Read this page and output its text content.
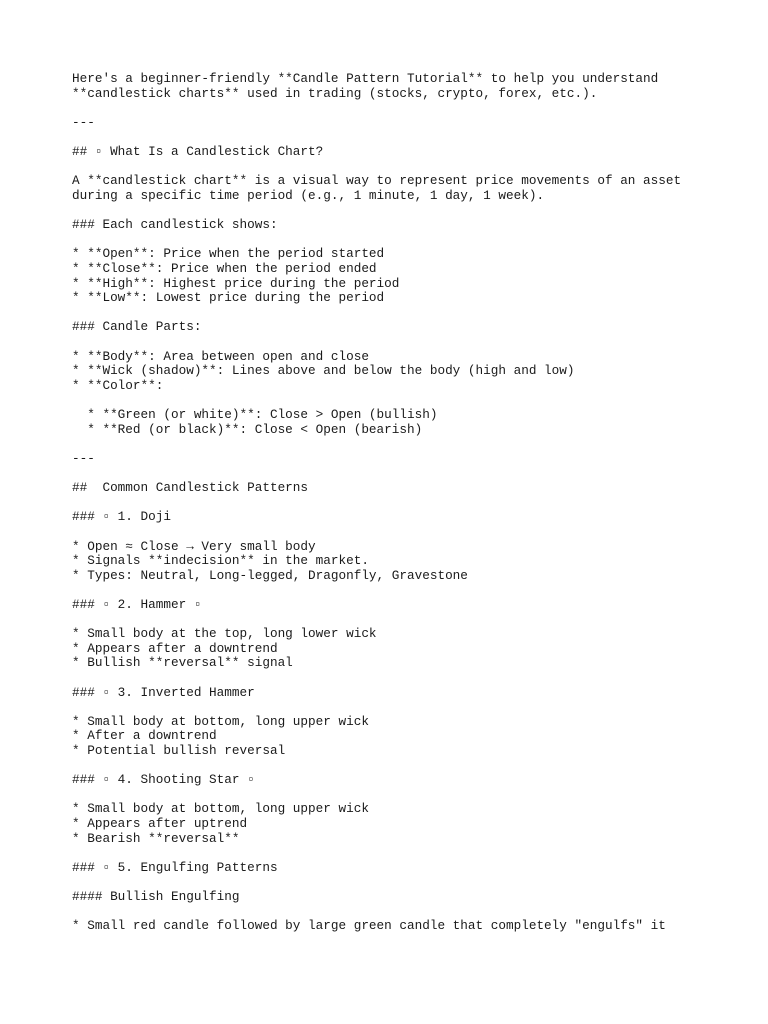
Here's a beginner-friendly **Candle Pattern Tutorial** to help you understand
**candlestick charts** used in trading (stocks, crypto, forex, etc.).
---
## ▫ What Is a Candlestick Chart?
A **candlestick chart** is a visual way to represent price movements of an asset
during a specific time period (e.g., 1 minute, 1 day, 1 week).
### Each candlestick shows:
* **Open**: Price when the period started
* **Close**: Price when the period ended
* **High**: Highest price during the period
* **Low**: Lowest price during the period
### Candle Parts:
* **Body**: Area between open and close
* **Wick (shadow)**: Lines above and below the body (high and low)
* **Color**:
* **Green (or white)**: Close > Open (bullish)
* **Red (or black)**: Close < Open (bearish)
---
##  Common Candlestick Patterns
### ▫ 1. Doji
* Open ≈ Close → Very small body
* Signals **indecision** in the market.
* Types: Neutral, Long-legged, Dragonfly, Gravestone
### ▫ 2. Hammer ▫
* Small body at the top, long lower wick
* Appears after a downtrend
* Bullish **reversal** signal
### ▫ 3. Inverted Hammer
* Small body at bottom, long upper wick
* After a downtrend
* Potential bullish reversal
### ▫ 4. Shooting Star ▫
* Small body at bottom, long upper wick
* Appears after uptrend
* Bearish **reversal**
### ▫ 5. Engulfing Patterns
#### Bullish Engulfing
* Small red candle followed by large green candle that completely "engulfs" it
